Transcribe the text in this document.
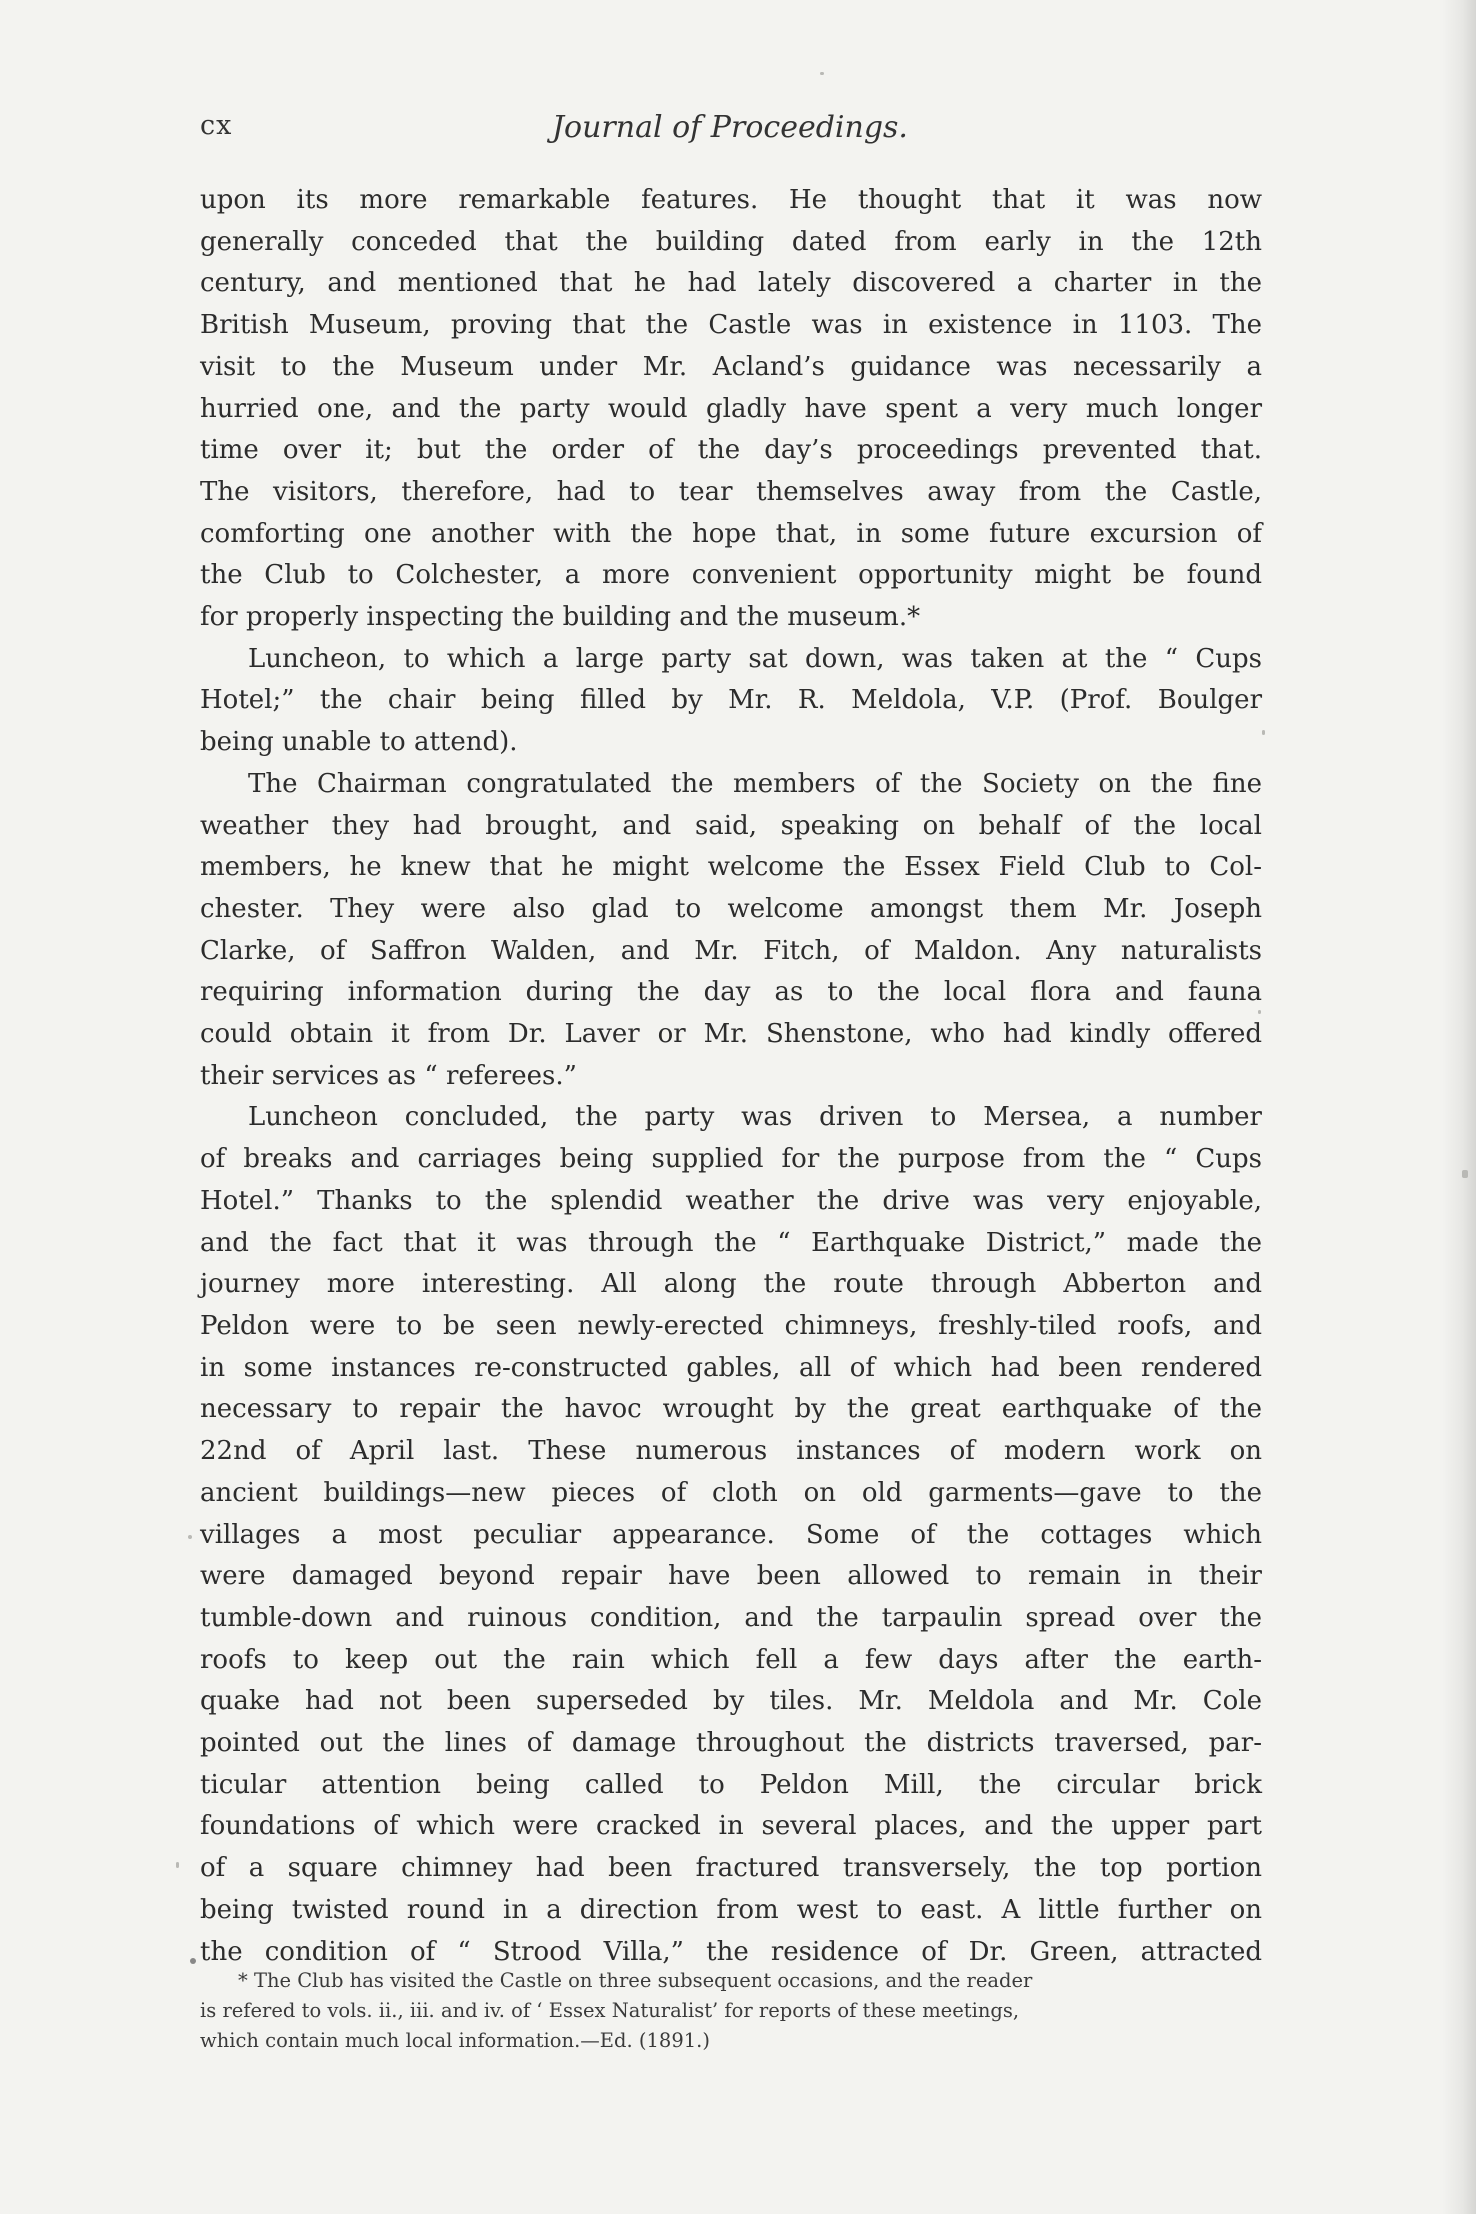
cx	Journal of Proceedings.

upon its more remarkable features. He thought that it was now

generally conceded that the building dated from early in the 12th

century, and mentioned that he had lately discovered a charter in the

British Museum, proving that the Castle was in existence in 1103. The

visit to the Museum under Mr. Acland’s guidance was necessarily a

hurried one, and the party would gladly have spent a very much longer

time over it; but the order of the day’s proceedings prevented that.

The visitors, therefore, had to tear themselves away from the Castle,

comforting one another with the hope that, in some future excursion of

the Club to Colchester, a more convenient opportunity might be found

for properly inspecting the building and the museum.*

Luncheon, to which a large party sat down, was taken at the “ Cups

Hotel;” the chair being filled by Mr. R. Meldola, V.P. (Prof. Boulger

being unable to attend).

The Chairman congratulated the members of the Society on the fine

weather they had brought, and said, speaking on behalf of the local

members, he knew that he might welcome the Essex Field Club to Col-

chester. They were also glad to welcome amongst them Mr. Joseph

Clarke, of Saffron Walden, and Mr. Fitch, of Maldon. Any naturalists

requiring information during the day as to the local flora and fauna

could obtain it from Dr. Laver or Mr. Shenstone, who had kindly offered

their services as “ referees.”

Luncheon concluded, the party was driven to Mersea, a number

of breaks and carriages being supplied for the purpose from the “ Cups

Hotel.” Thanks to the splendid weather the drive was very enjoyable,

and the fact that it was through the “ Earthquake District,” made the

journey more interesting. All along the route through Abberton and

Peldon were to be seen newly-erected chimneys, freshly-tiled roofs, and

in some instances re-constructed gables, all of which had been rendered

necessary to repair the havoc wrought by the great earthquake of the

22nd of April last. These numerous instances of modern work on

ancient buildings—new pieces of cloth on old garments—gave to the

villages a most peculiar appearance. Some of the cottages which

were damaged beyond repair have been allowed to remain in their

tumble-down and ruinous condition, and the tarpaulin spread over the

roofs to keep out the rain which fell a few days after the earth-

quake had not been superseded by tiles. Mr. Meldola and Mr. Cole

pointed out the lines of damage throughout the districts traversed, par-

ticular attention being called to Peldon Mill, the circular brick

foundations of which were cracked in several places, and the upper part

of a square chimney had been fractured transversely, the top portion

being twisted round in a direction from west to east. A little further on

the condition of “ Strood Villa,” the residence of Dr. Green, attracted

* The Club has visited the Castle on three subsequent occasions, and the reader

is refered to vols. ii., iii. and iv. of ‘ Essex Naturalist’ for reports of these meetings,

which contain much local information.—Ed. (1891.)
